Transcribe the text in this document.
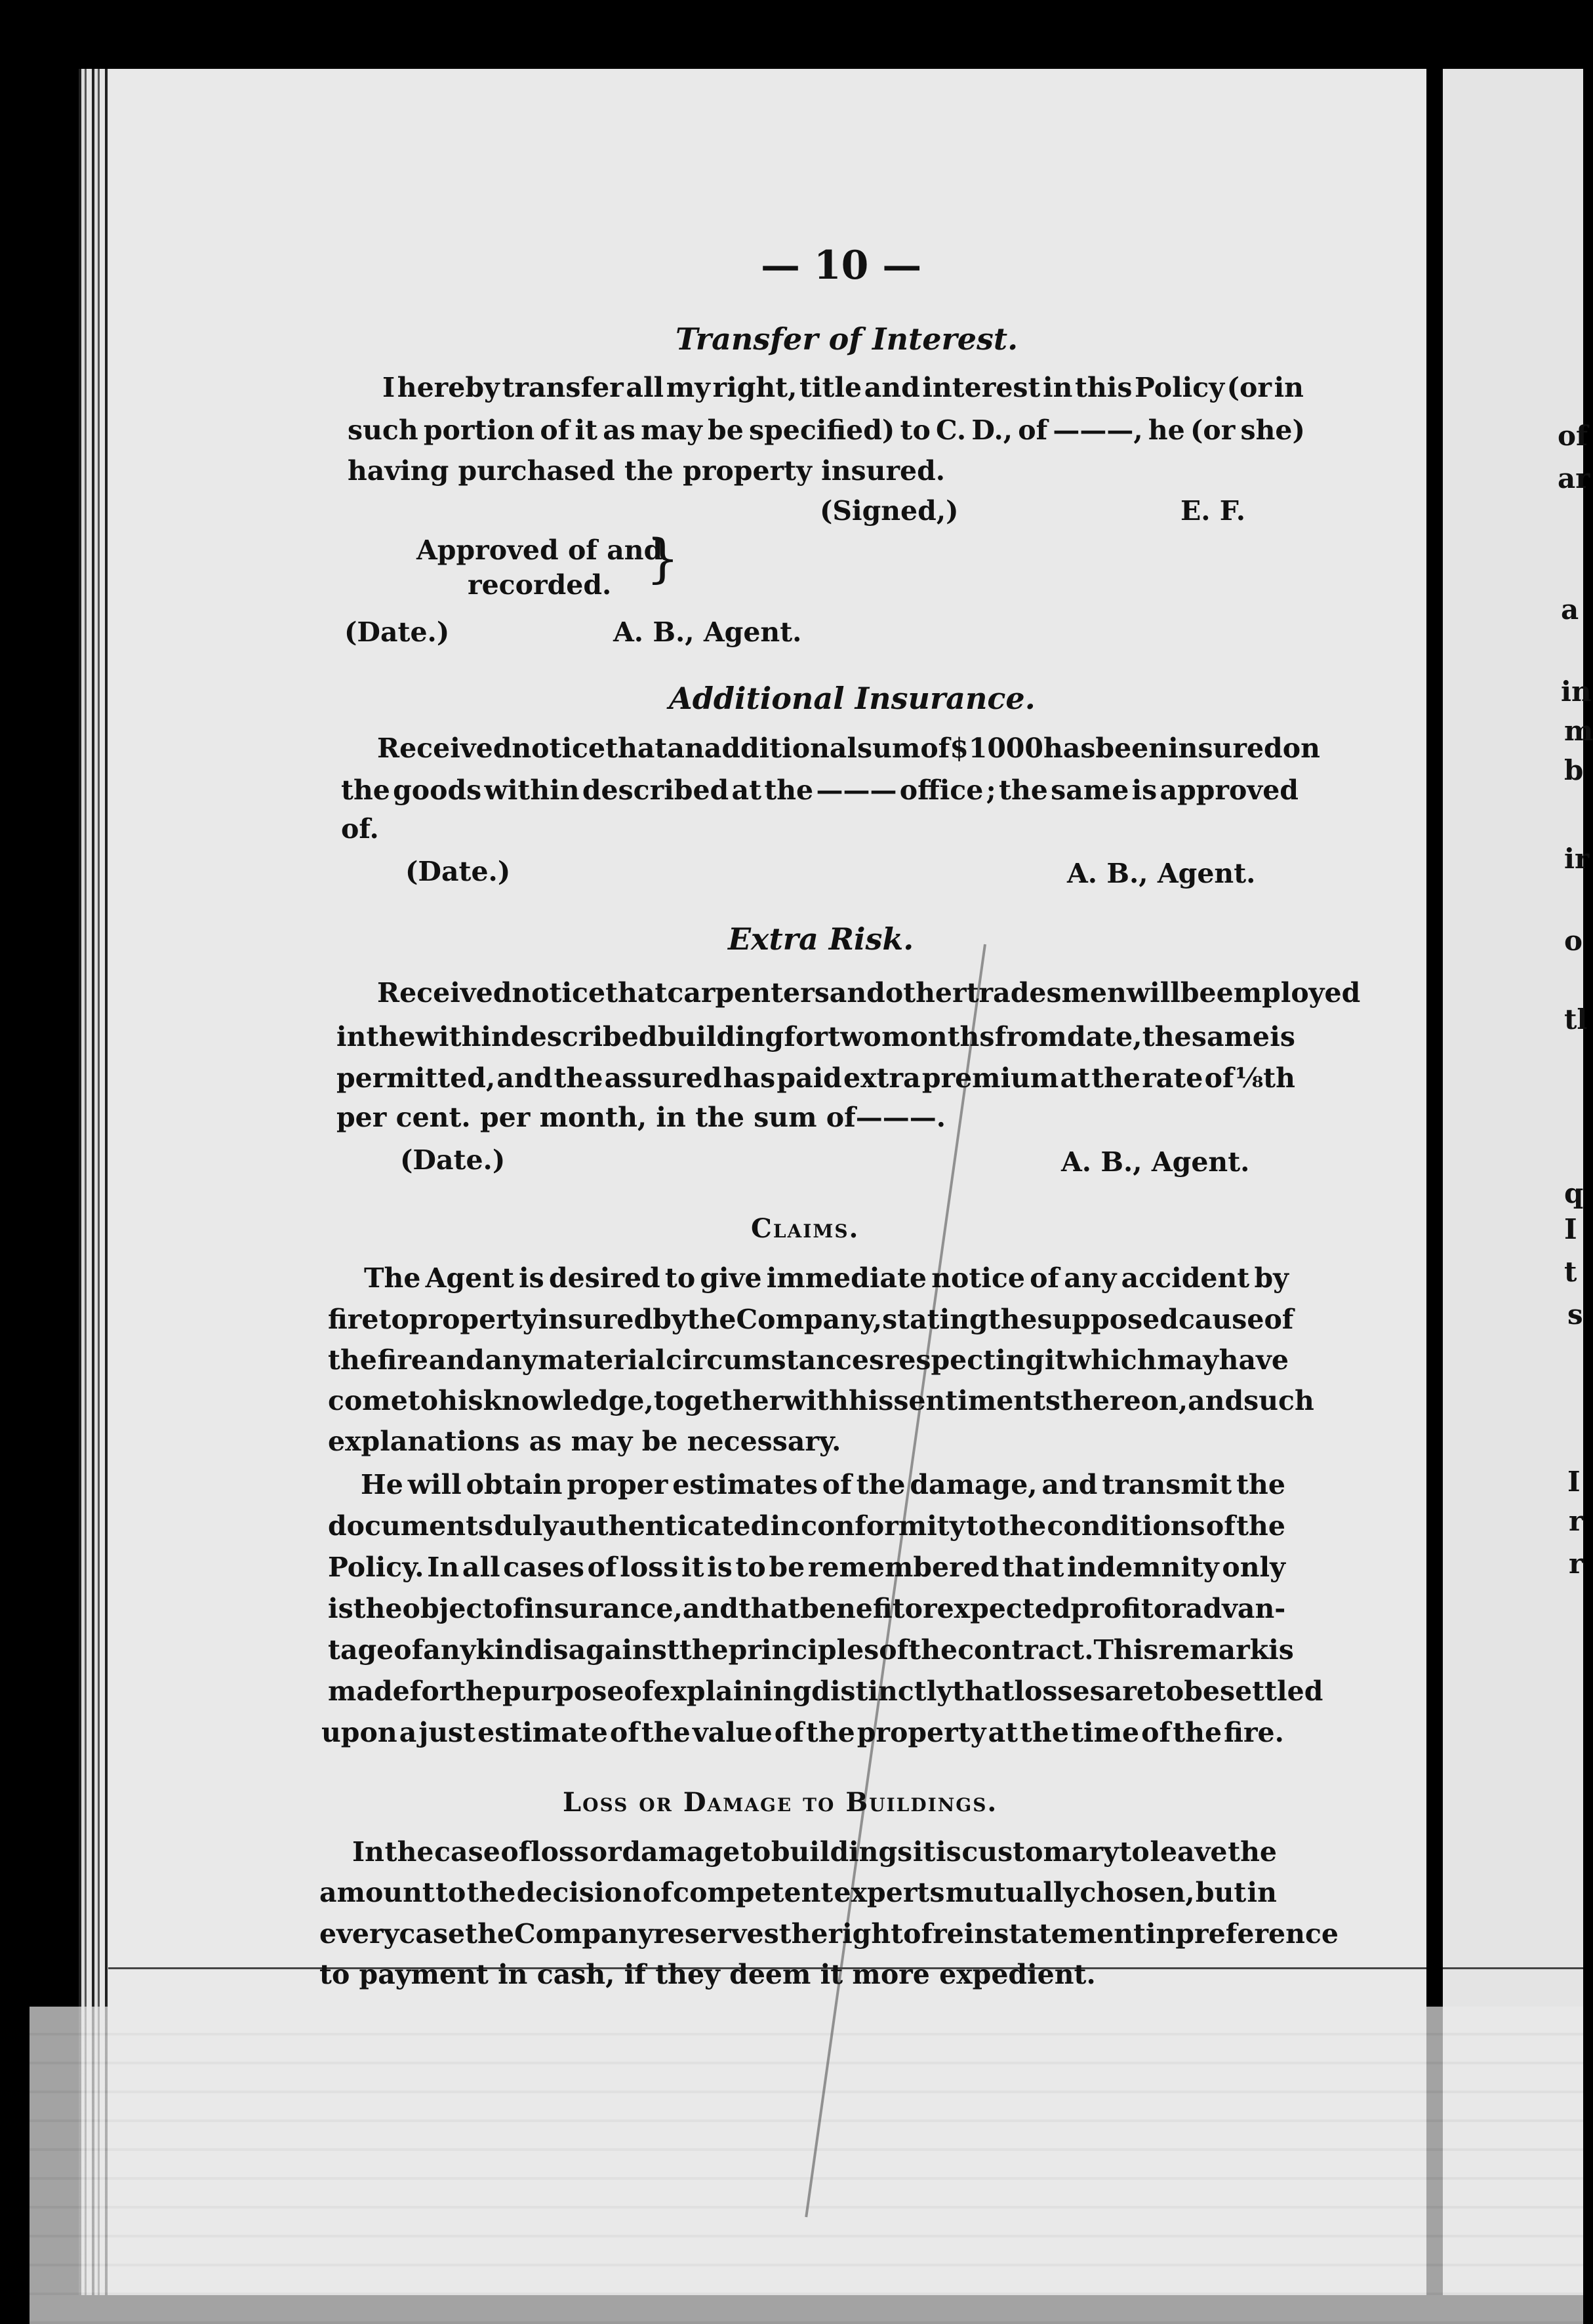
— 10 —
Transfer of Interest.
I hereby transfer all my right, title and interest in this Policy (or in
such portion of it as may be specified) to C. D., of ———, he (or she)
having purchased the property insured.
(Signed,)	E. F.
Approved of and
recorded. }
(Date.)	A. B., Agent.
Additional Insurance.
Received notice that an additional sum of $1000 has been insured on
the goods within described at the ——— office ; the same is approved
of.
(Date.)	A. B., Agent.
Extra Risk.
Received notice that carpenters and other tradesmen will be employed
in the within described building for two months from date, the same is
permitted, and the assured has paid extra premium at the rate of ⅛th
per cent. per month, in the sum of———.
(Date.)	A. B., Agent.
Claims.
The Agent is desired to give immediate notice of any accident by
fire to property insured by the Company, stating the supposed cause of
the fire and any material circumstances respecting it which may have
come to his knowledge, together with his sentiments thereon, and such
explanations as may be necessary.
He will obtain proper estimates of the damage, and transmit the
documents duly authenticated in conformity to the conditions of the
Policy. In all cases of loss it is to be remembered that indemnity only
is the object of insurance, and that benefit or expected profit or advan-
tage of any kind is against the principles of the contract. This remark is
made for the purpose of explaining distinctly that losses are to be settled
upon a just estimate of the value of the property at the time of the fire.
Loss or Damage to Buildings.
In the case of loss or damage to buildings it is customary to leave the
amount to the decision of competent experts mutually chosen, but in
every case the Company reserves the right of reinstatement in preference
to payment in cash, if they deem it more expedient.
of
ar
a
in
m
b
ir
o
tl
q
I
t
s
I
r
r
